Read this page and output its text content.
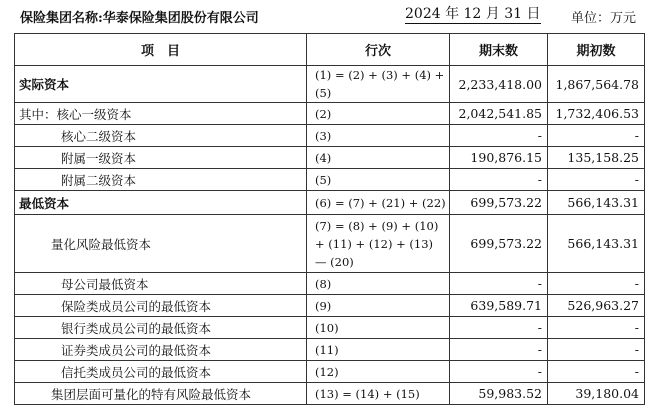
保险集团名称:华泰保险集团股份有限公司	2024 年 12 月 31 日 单位：万元
项　目	行次	期末数	期初数
实际资本	(1) = (2) + (3) + (4) + (5)	2,233,418.00	1,867,564.78
其中：核心一级资本	(2)	2,042,541.85	1,732,406.53
核心二级资本	(3)	-	-
附属一级资本	(4)	190,876.15	135,158.25
附属二级资本	(5)	-	-
最低资本	(6) = (7) + (21) + (22)	699,573.22	566,143.31
量化风险最低资本	(7) = (8) + (9) + (10) + (11) + (12) + (13) — (20)	699,573.22	566,143.31
母公司最低资本	(8)	-	-
保险类成员公司的最低资本	(9)	639,589.71	526,963.27
银行类成员公司的最低资本	(10)	-	-
证券类成员公司的最低资本	(11)	-	-
信托类成员公司的最低资本	(12)	-	-
集团层面可量化的特有风险最低资本	(13) = (14) + (15)	59,983.52	39,180.04
